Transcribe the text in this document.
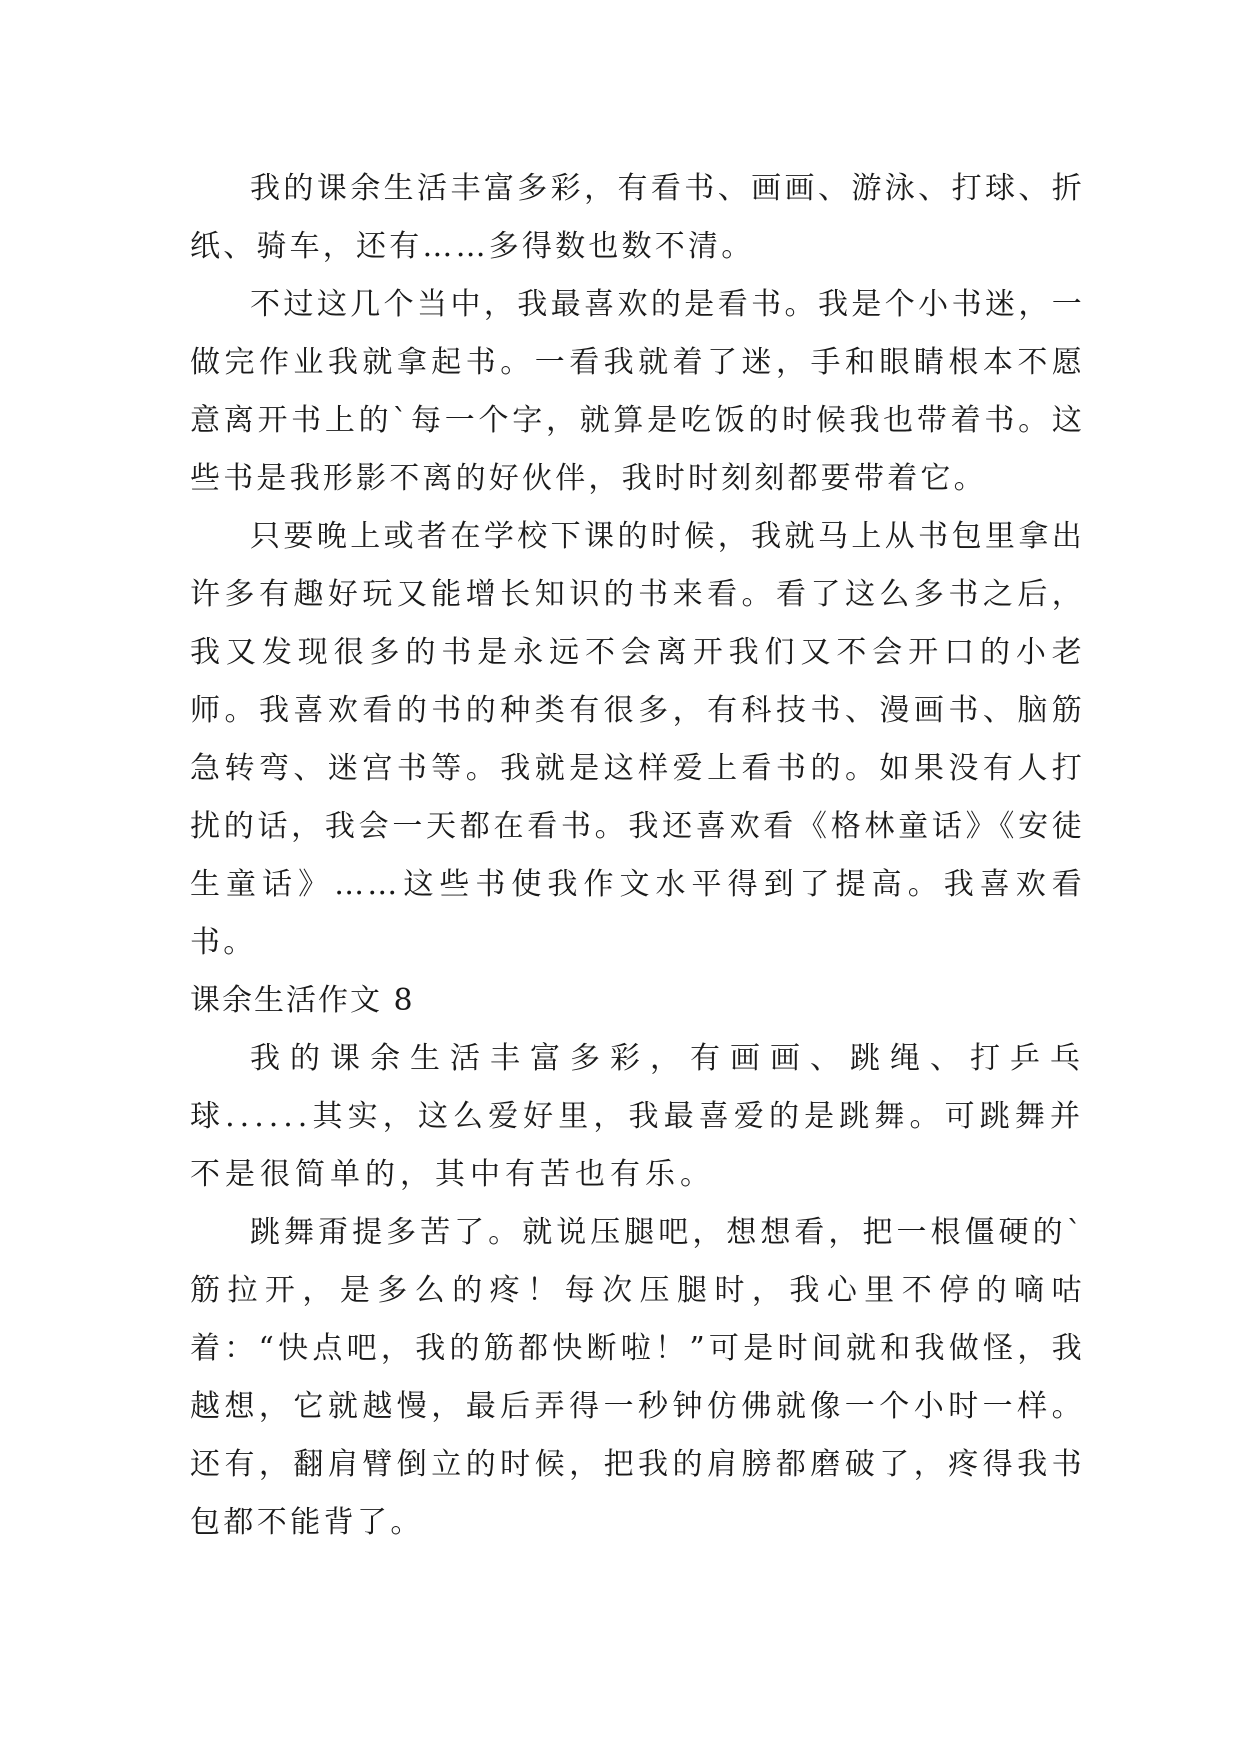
我的课余生活丰富多彩，有看书、画画、游泳、打球、折纸、骑车，还有……多得数也数不清。

不过这几个当中，我最喜欢的是看书。我是个小书迷，一做完作业我就拿起书。一看我就着了迷，手和眼睛根本不愿意离开书上的`每一个字，就算是吃饭的时候我也带着书。这些书是我形影不离的好伙伴，我时时刻刻都要带着它。

只要晚上或者在学校下课的时候，我就马上从书包里拿出许多有趣好玩又能增长知识的书来看。看了这么多书之后，我又发现很多的书是永远不会离开我们又不会开口的小老师。我喜欢看的书的种类有很多，有科技书、漫画书、脑筋急转弯、迷宫书等。我就是这样爱上看书的。如果没有人打扰的话，我会一天都在看书。我还喜欢看《格林童话》《安徒生童话》……这些书使我作文水平得到了提高。我喜欢看书。

课余生活作文 8

我的课余生活丰富多彩，有画画、跳绳、打乒乓球......其实，这么爱好里，我最喜爱的是跳舞。可跳舞并不是很简单的，其中有苦也有乐。

跳舞甭提多苦了。就说压腿吧，想想看，把一根僵硬的`筋拉开，是多么的疼！每次压腿时，我心里不停的嘀咕着：“快点吧，我的筋都快断啦！”可是时间就和我做怪，我越想，它就越慢，最后弄得一秒钟仿佛就像一个小时一样。还有，翻肩臂倒立的时候，把我的肩膀都磨破了，疼得我书包都不能背了。
